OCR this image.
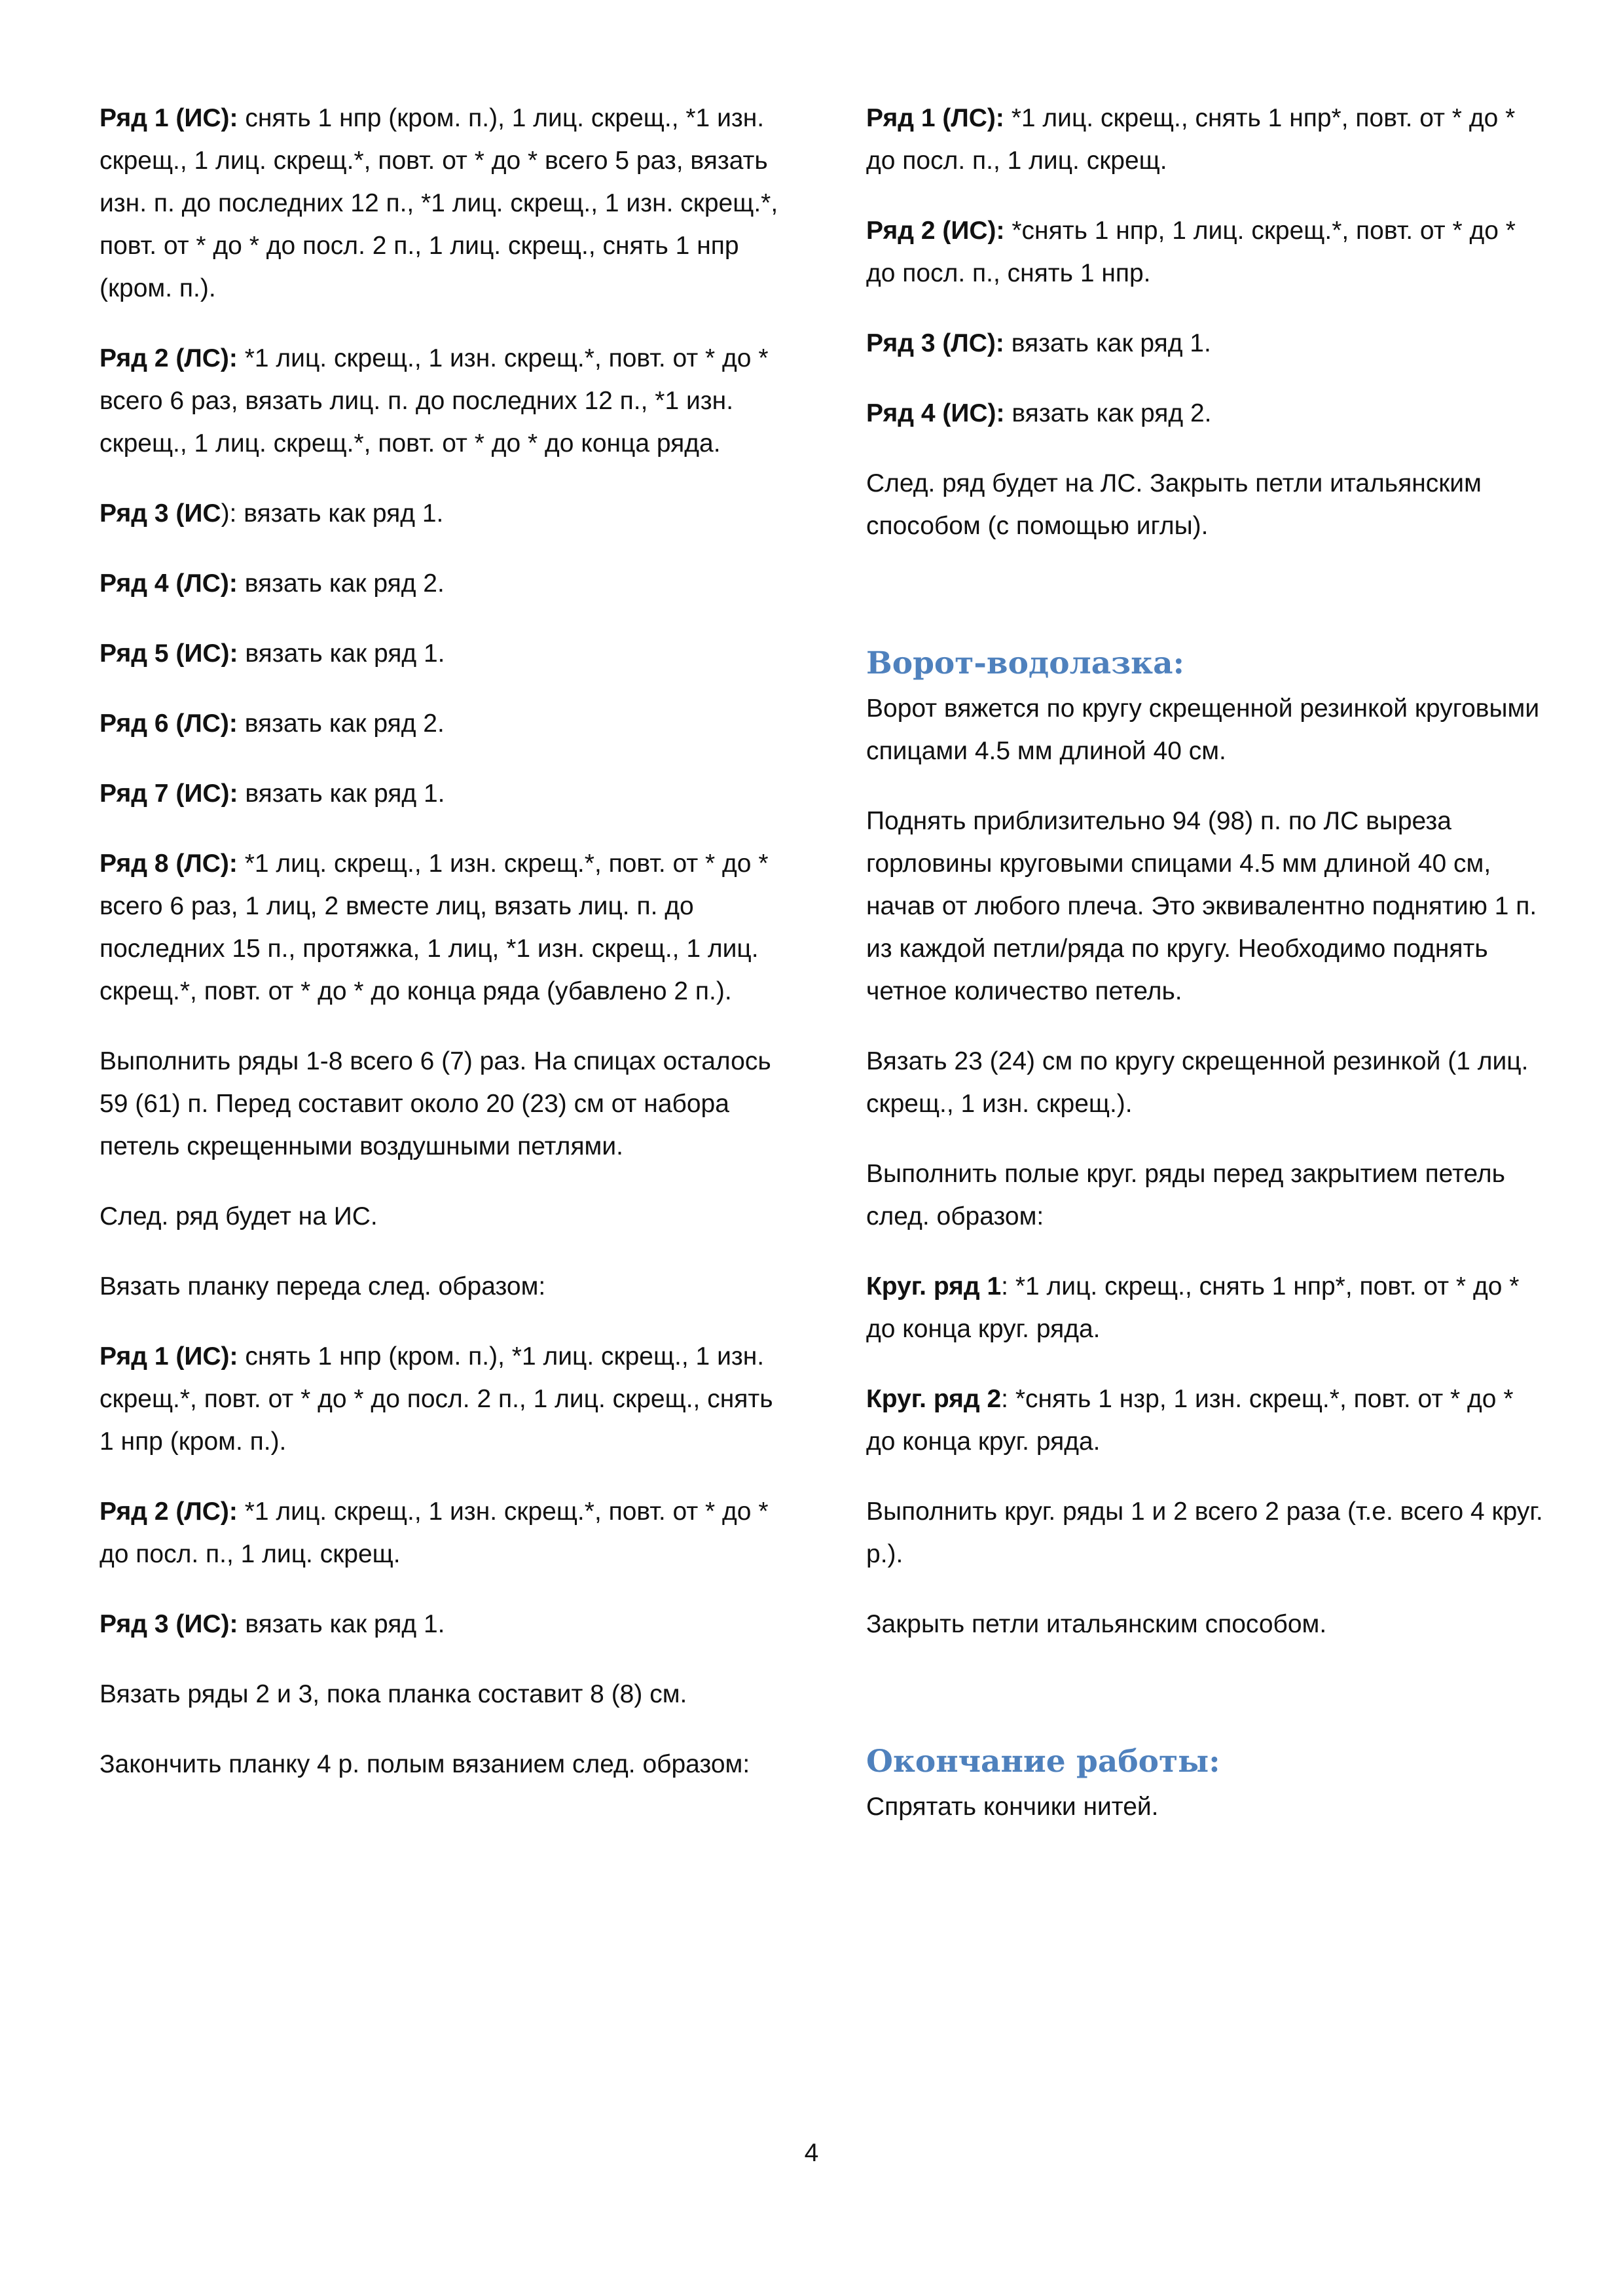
Ряд 1 (ИС): снять 1 нпр (кром. п.), 1 лиц. скрещ., *1 изн. скрещ., 1 лиц. скрещ.*, повт. от * до * всего 5 раз, вязать изн. п. до последних 12 п., *1 лиц. скрещ., 1 изн. скрещ.*, повт. от * до * до посл. 2 п., 1 лиц. скрещ., снять 1 нпр (кром. п.).

Ряд 2 (ЛС): *1 лиц. скрещ., 1 изн. скрещ.*, повт. от * до * всего 6 раз, вязать лиц. п. до последних 12 п., *1 изн. скрещ., 1 лиц. скрещ.*, повт. от * до * до конца ряда.

Ряд 3 (ИС): вязать как ряд 1.

Ряд 4 (ЛС): вязать как ряд 2.

Ряд 5 (ИС): вязать как ряд 1.

Ряд 6 (ЛС): вязать как ряд 2.

Ряд 7 (ИС): вязать как ряд 1.

Ряд 8 (ЛС): *1 лиц. скрещ., 1 изн. скрещ.*, повт. от * до * всего 6 раз, 1 лиц, 2 вместе лиц, вязать лиц. п. до последних 15 п., протяжка, 1 лиц, *1 изн. скрещ., 1 лиц. скрещ.*, повт. от * до * до конца ряда (убавлено 2 п.).

Выполнить ряды 1-8 всего 6 (7) раз. На спицах осталось 59 (61) п. Перед составит около 20 (23) см от набора петель скрещенными воздушными петлями.

След. ряд будет на ИС.

Вязать планку переда след. образом:

Ряд 1 (ИС): снять 1 нпр (кром. п.), *1 лиц. скрещ., 1 изн. скрещ.*, повт. от * до * до посл. 2 п., 1 лиц. скрещ., снять 1 нпр (кром. п.).

Ряд 2 (ЛС): *1 лиц. скрещ., 1 изн. скрещ.*, повт. от * до * до посл. п., 1 лиц. скрещ.

Ряд 3 (ИС): вязать как ряд 1.

Вязать ряды 2 и 3, пока планка составит 8 (8) см.

Закончить планку 4 р. полым вязанием след. образом:

Ряд 1 (ЛС): *1 лиц. скрещ., снять 1 нпр*, повт. от * до * до посл. п., 1 лиц. скрещ.

Ряд 2 (ИС): *снять 1 нпр, 1 лиц. скрещ.*, повт. от * до * до посл. п., снять 1 нпр.

Ряд 3 (ЛС): вязать как ряд 1.

Ряд 4 (ИС): вязать как ряд 2.

След. ряд будет на ЛС. Закрыть петли итальянским способом (с помощью иглы).

Ворот-водолазка:

Ворот вяжется по кругу скрещенной резинкой круговыми спицами 4.5 мм длиной 40 см.

Поднять приблизительно 94 (98) п. по ЛС выреза горловины круговыми спицами 4.5 мм длиной 40 см, начав от любого плеча. Это эквивалентно поднятию 1 п. из каждой петли/ряда по кругу. Необходимо поднять четное количество петель.

Вязать 23 (24) см по кругу скрещенной резинкой (1 лиц. скрещ., 1 изн. скрещ.).

Выполнить полые круг. ряды перед закрытием петель след. образом:

Круг. ряд 1: *1 лиц. скрещ., снять 1 нпр*, повт. от * до * до конца круг. ряда.

Круг. ряд 2: *снять 1 нзр, 1 изн. скрещ.*, повт. от * до * до конца круг. ряда.

Выполнить круг. ряды 1 и 2 всего 2 раза (т.е. всего 4 круг. р.).

Закрыть петли итальянским способом.

Окончание работы:

Спрятать кончики нитей.

4
